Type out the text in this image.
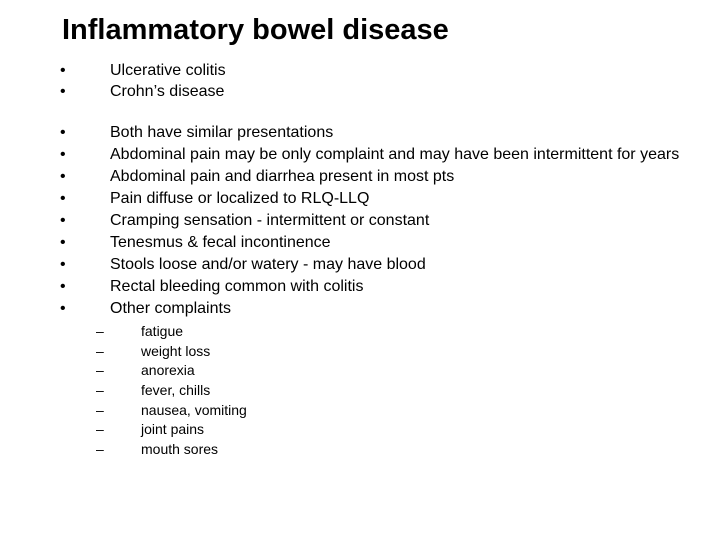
Inflammatory bowel disease
•	Ulcerative colitis
•	Crohn’s disease
•	Both have similar presentations
•	Abdominal pain may be only complaint and may have been intermittent for years
•	Abdominal pain and diarrhea present in most pts
•	Pain diffuse or localized to RLQ-LLQ
•	Cramping sensation - intermittent or constant
•	Tenesmus & fecal incontinence
•	Stools loose and/or watery - may have blood
•	Rectal bleeding common with colitis
•	Other complaints
–	fatigue
–	weight loss
–	anorexia
–	fever, chills
–	nausea, vomiting
–	joint pains
–	mouth sores
